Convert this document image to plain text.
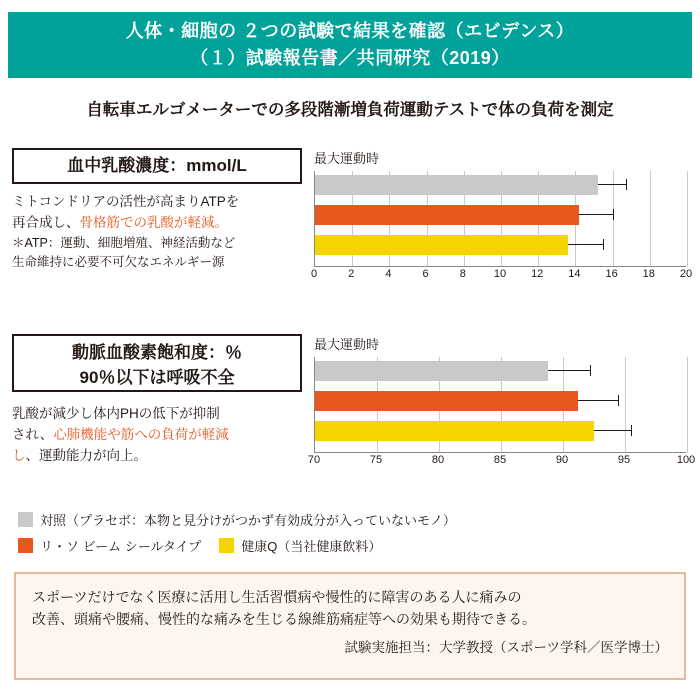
人体・細胞の ２つの試験で結果を確認（エビデンス）
（１）試験報告書／共同研究（2019）
自転車エルゴメーターでの多段階漸増負荷運動テストで体の負荷を測定
血中乳酸濃度：mmol/L
ミトコンドリアの活性が高まりATPを
再合成し、骨格筋での乳酸が軽減。
＊ATP：運動、細胞増殖、神経活動など
生命維持に必要不可欠なエネルギー源
最大運動時
0	2	4	6	8	10 12 14 16 18 20
動脈血酸素飽和度：％
90％以下は呼吸不全
乳酸が減少し体内PHの低下が抑制
され、心肺機能や筋への負荷が軽減
し、運動能力が向上。
最大運動時
70	75	80	85	90	95	100
対照（プラセボ：本物と見分けがつかず有効成分が入っていないモノ）
リ・ソ ビーム シールタイプ	健康Q（当社健康飲料）
スポーツだけでなく医療に活用し生活習慣病や慢性的に障害のある人に痛みの
改善、頭痛や腰痛、慢性的な痛みを生じる線維筋痛症等への効果も期待できる。
試験実施担当：大学教授（スポーツ学科／医学博士）
